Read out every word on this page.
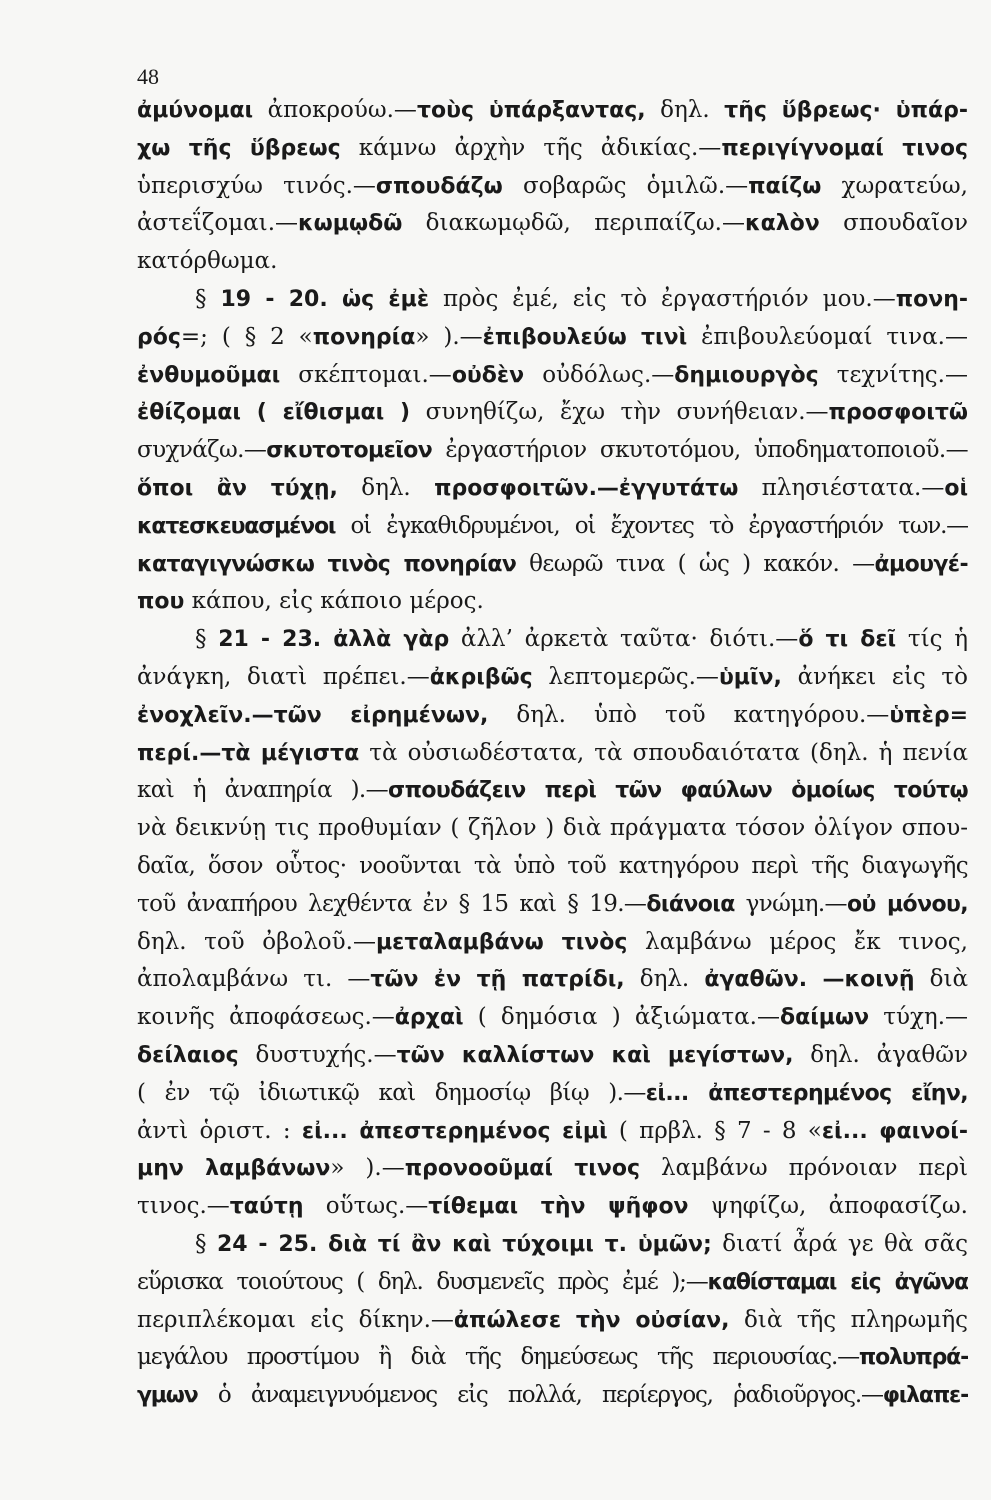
48
ἀμύνομαι ἀποκρούω.—τοὺς ὑπάρξαντας, δηλ. τῆς ὕβρεως· ὑπάρ-
χω τῆς ὕβρεως κάμνω ἀρχὴν τῆς ἀδικίας.—περιγίγνομαί τινος
ὑπερισχύω τινός.—σπουδάζω σοβαρῶς ὁμιλῶ.—παίζω χωρατεύω,
ἀστεΐζομαι.—κωμῳδῶ διακωμῳδῶ, περιπαίζω.—καλὸν σπουδαῖον
κατόρθωμα.
§ 19 - 20. ὡς ἐμὲ πρὸς ἐμέ, εἰς τὸ ἐργαστήριόν μου.—πονη-
ρός=; ( § 2 «πονηρία» ).—ἐπιβουλεύω τινὶ ἐπιβουλεύομαί τινα.—
ἐνθυμοῦμαι σκέπτομαι.—οὐδὲν οὐδόλως.—δημιουργὸς τεχνίτης.—
ἐθίζομαι ( εἴθισμαι ) συνηθίζω, ἔχω τὴν συνήθειαν.—προσφοιτῶ
συχνάζω.—σκυτοτομεῖον ἐργαστήριον σκυτοτόμου, ὑποδηματοποιοῦ.—
ὅποι ἂν τύχῃ, δηλ. προσφοιτῶν.—ἐγγυτάτω πλησιέστατα.—οἱ
κατεσκευασμένοι οἱ ἐγκαθιδρυμένοι, οἱ ἔχοντες τὸ ἐργαστήριόν των.—
καταγιγνώσκω τινὸς πονηρίαν θεωρῶ τινα ( ὡς ) κακόν. —ἀμουγέ-
που κάπου, εἰς κάποιο μέρος.
§ 21 - 23. ἀλλὰ γὰρ ἀλλ’ ἀρκετὰ ταῦτα· διότι.—ὅ τι δεῖ τίς ἡ
ἀνάγκη, διατὶ πρέπει.—ἀκριβῶς λεπτομερῶς.—ὑμῖν, ἀνήκει εἰς τὸ
ἐνοχλεῖν.—τῶν εἰρημένων, δηλ. ὑπὸ τοῦ κατηγόρου.—ὑπὲρ=
περί.—τὰ μέγιστα τὰ οὐσιωδέστατα, τὰ σπουδαιότατα (δηλ. ἡ πενία
καὶ ἡ ἀναπηρία ).—σπουδάζειν περὶ τῶν φαύλων ὁμοίως τούτῳ
νὰ δεικνύῃ τις προθυμίαν ( ζῆλον ) διὰ πράγματα τόσον ὀλίγον σπου-
δαῖα, ὅσον οὗτος· νοοῦνται τὰ ὑπὸ τοῦ κατηγόρου περὶ τῆς διαγωγῆς
τοῦ ἀναπήρου λεχθέντα ἐν § 15 καὶ § 19.—διάνοια γνώμη.—οὐ μόνου,
δηλ. τοῦ ὀβολοῦ.—μεταλαμβάνω τινὸς λαμβάνω μέρος ἔκ τινος,
ἀπολαμβάνω τι. —τῶν ἐν τῇ πατρίδι, δηλ. ἀγαθῶν. —κοινῇ διὰ
κοινῆς ἀποφάσεως.—ἀρχαὶ ( δημόσια ) ἀξιώματα.—δαίμων τύχη.—
δείλαιος δυστυχής.—τῶν καλλίστων καὶ μεγίστων, δηλ. ἀγαθῶν
( ἐν τῷ ἰδιωτικῷ καὶ δημοσίῳ βίῳ ).—εἰ... ἀπεστερημένος εἴην,
ἀντὶ ὁριστ. : εἰ... ἀπεστερημένος εἰμὶ ( πρβλ. § 7 - 8 «εἰ... φαινοί-
μην λαμβάνων» ).—προνοοῦμαί τινος λαμβάνω πρόνοιαν περὶ
τινος.—ταύτῃ οὕτως.—τίθεμαι τὴν ψῆφον ψηφίζω, ἀποφασίζω.
§ 24 - 25. διὰ τί ἂν καὶ τύχοιμι τ. ὑμῶν; διατί ἆρά γε θὰ σᾶς
εὕρισκα τοιούτους ( δηλ. δυσμενεῖς πρὸς ἐμέ );—καθίσταμαι εἰς ἀγῶνα
περιπλέκομαι εἰς δίκην.—ἀπώλεσε τὴν οὐσίαν, διὰ τῆς πληρωμῆς
μεγάλου προστίμου ἢ διὰ τῆς δημεύσεως τῆς περιουσίας.—πολυπρά-
γμων ὁ ἀναμειγνυόμενος εἰς πολλά, περίεργος, ῥαδιοῦργος.—φιλαπε-
